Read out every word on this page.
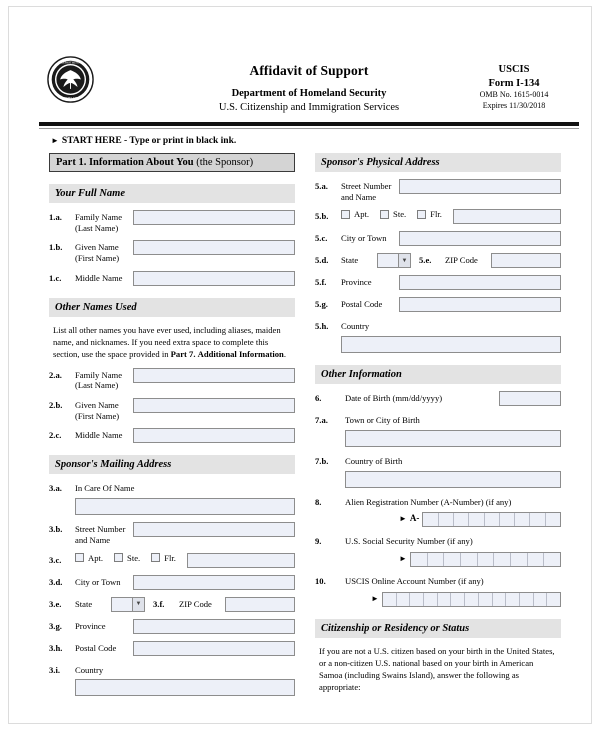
DEPARTMENT
HOMELAND
Affidavit of Support
Department of Homeland Security
U.S. Citizenship and Immigration Services
USCIS
Form I-134
OMB No. 1615-0014
Expires 11/30/2018
► START HERE - Type or print in black ink.
Part 1. Information About You (the Sponsor)
Your Full Name
1.a.	Family Name
(Last Name)
1.b.	Given Name
(First Name)
1.c.	Middle Name
Other Names Used
List all other names you have ever used, including aliases, maiden name, and nicknames. If you need extra space to complete this section, use the space provided in Part 7. Additional Information.
2.a.	Family Name
(Last Name)
2.b.	Given Name
(First Name)
2.c.	Middle Name
Sponsor's Mailing Address
3.a.	In Care Of Name
3.b.	Street Number
and Name
3.c.	Apt.	Ste.	Flr.
3.d.	City or Town
3.e.	State	▼ 3.f.	ZIP Code
3.g.	Province
3.h.	Postal Code
3.i.	Country
Sponsor's Physical Address
5.a.	Street Number
and Name
5.b.	Apt.	Ste.	Flr.
5.c.	City or Town
5.d.	State	▼ 5.e.	ZIP Code
5.f.	Province
5.g.	Postal Code
5.h.	Country
Other Information
6.	Date of Birth (mm/dd/yyyy)
7.a.	Town or City of Birth
7.b.	Country of Birth
8.	Alien Registration Number (A-Number) (if any)
► A-
9.	U.S. Social Security Number (if any)
►
10.	USCIS Online Account Number (if any)
►
Citizenship or Residency or Status
If you are not a U.S. citizen based on your birth in the United States, or a non-citizen U.S. national based on your birth in American Samoa (including Swains Island), answer the following as appropriate:
